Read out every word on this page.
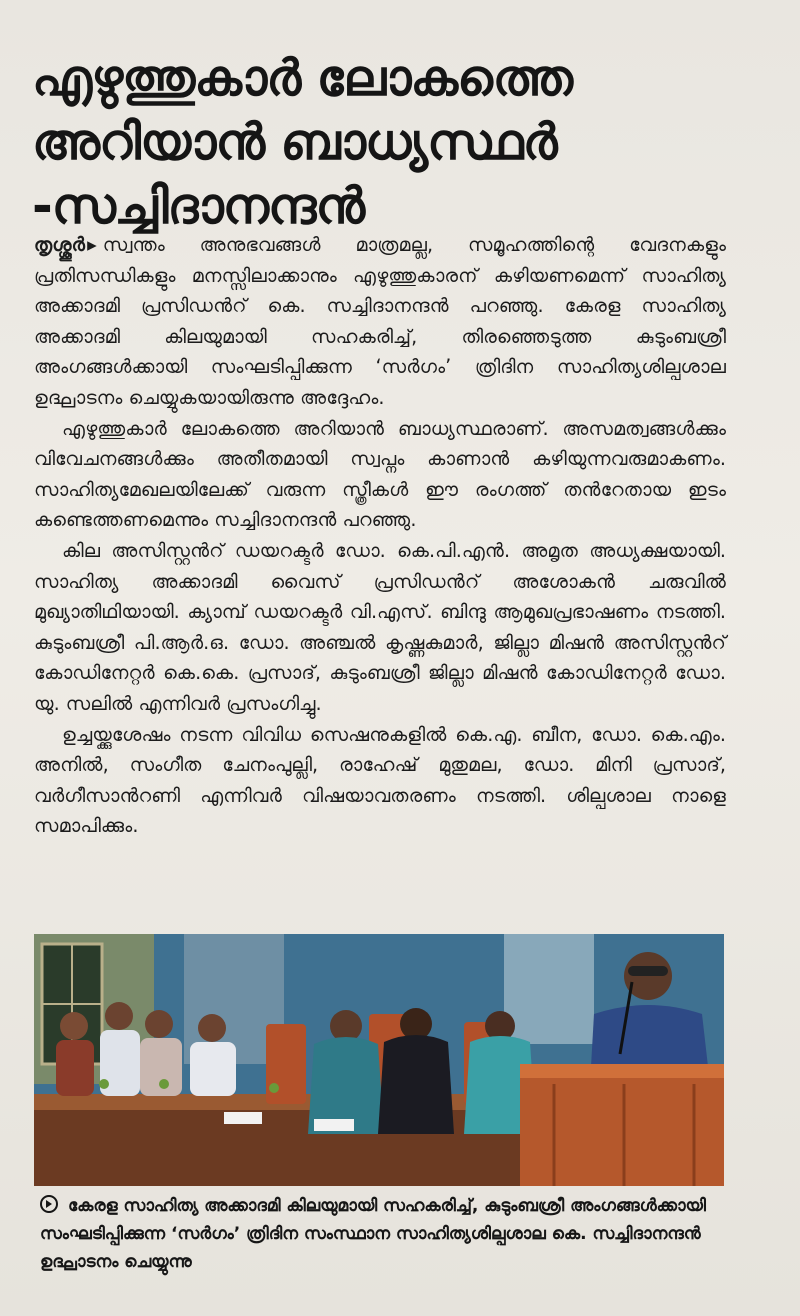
എഴുത്തുകാർ ലോകത്തെ
അറിയാൻ ബാധ്യസ്ഥർ
-സച്ചിദാനന്ദൻ

തൃശ്ശൂർ ▸ സ്വന്തം അനുഭവങ്ങൾ മാത്രമല്ല, സമൂഹത്തിന്റെ വേദനകളും പ്രതിസന്ധികളും മനസ്സിലാക്കാനും എഴുത്തുകാരന് കഴിയണമെന്ന് സാഹിത്യ അക്കാദമി പ്രസിഡൻറ് കെ. സച്ചിദാനന്ദൻ പറഞ്ഞു. കേരള സാഹിത്യ അക്കാദമി കിലയുമായി സഹകരിച്ച്, തിരഞ്ഞെടുത്ത കുടുംബശ്രീ അംഗങ്ങൾക്കായി സംഘടിപ്പിക്കുന്ന ‘സർഗം’ ത്രിദിന സാഹിത്യശില്പശാല ഉദ്ഘാടനം ചെയ്യുകയായിരുന്നു അദ്ദേഹം.

എഴുത്തുകാർ ലോകത്തെ അറിയാൻ ബാധ്യസ്ഥരാണ്. അസമത്വങ്ങൾക്കും വിവേചനങ്ങൾക്കും അതീതമായി സ്വപ്നം കാണാൻ കഴിയുന്നവരുമാകണം. സാഹിത്യമേഖലയിലേക്ക് വരുന്ന സ്ത്രീകൾ ഈ രംഗത്ത് തൻറേതായ ഇടം കണ്ടെത്തണമെന്നും സച്ചിദാനന്ദൻ പറഞ്ഞു.

കില അസിസ്റ്റൻറ് ഡയറക്ടർ ഡോ. കെ.പി.എൻ. അമൃത അധ്യക്ഷയായി. സാഹിത്യ അക്കാദമി വൈസ് പ്രസിഡൻറ് അശോകൻ ചരുവിൽ മുഖ്യാതിഥിയായി. ക്യാമ്പ് ഡയറക്ടർ വി.എസ്. ബിന്ദു ആമുഖപ്രഭാഷണം നടത്തി. കുടുംബശ്രീ പി.ആർ.ഒ. ഡോ. അഞ്ചൽ കൃഷ്ണകുമാർ, ജില്ലാ മിഷൻ അസിസ്റ്റൻറ് കോഡിനേറ്റർ കെ.കെ. പ്രസാദ്, കുടുംബശ്രീ ജില്ലാ മിഷൻ കോഡിനേറ്റർ ഡോ. യു. സലിൽ എന്നിവർ പ്രസംഗിച്ചു.

ഉച്ചയ്ക്കുശേഷം നടന്ന വിവിധ സെഷനുകളിൽ കെ.എ. ബീന, ഡോ. കെ.എം. അനിൽ, സംഗീത ചേനംപുല്ലി, രാഹേഷ് മുതുമല, ഡോ. മിനി പ്രസാദ്, വർഗീസാൻറണി എന്നിവർ വിഷയാവതരണം നടത്തി. ശില്പശാല നാളെ സമാപിക്കും.

കേരള സാഹിത്യ അക്കാദമി കിലയുമായി സഹകരിച്ച്, കുടുംബശ്രീ അംഗങ്ങൾക്കായി സംഘടിപ്പിക്കുന്ന ‘സർഗം’ ത്രിദിന സംസ്ഥാന സാഹിത്യശില്പശാല കെ. സച്ചിദാനന്ദൻ ഉദ്ഘാടനം ചെയ്യുന്നു
